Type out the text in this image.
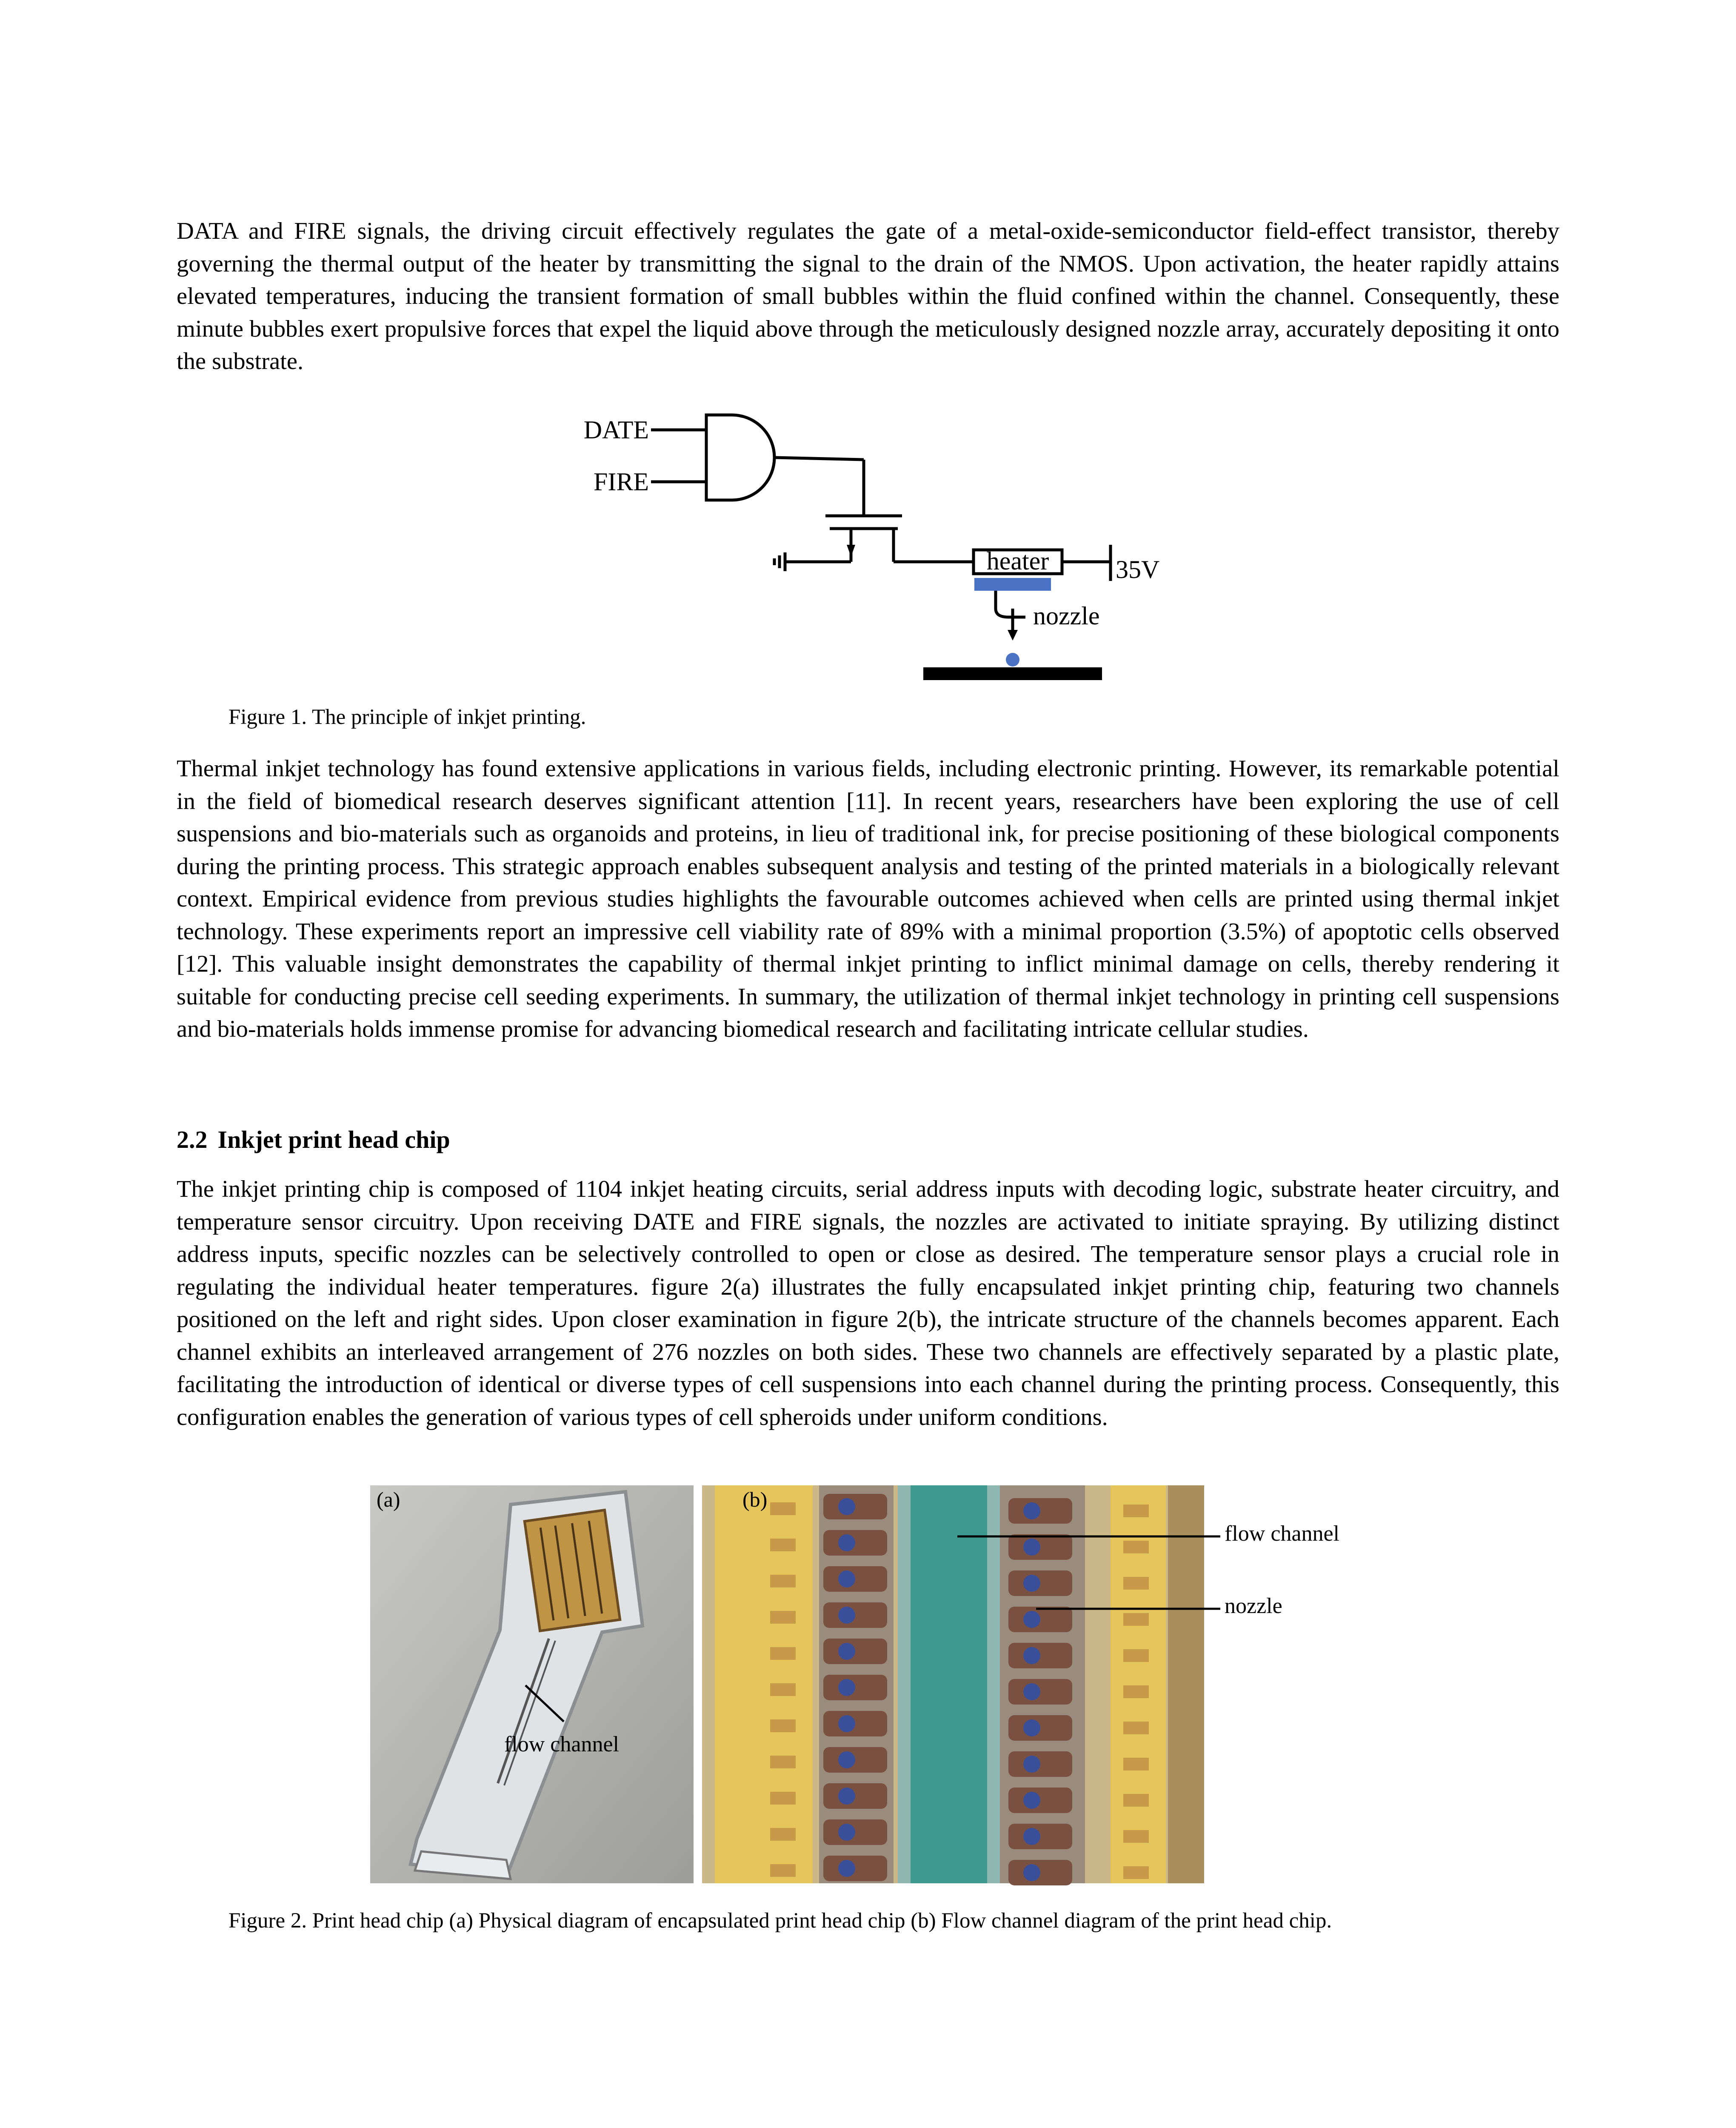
DATA and FIRE signals, the driving circuit effectively regulates the gate of a metal-oxide-semiconductor field-effect transistor, thereby governing the thermal output of the heater by transmitting the signal to the drain of the NMOS. Upon activation, the heater rapidly attains elevated temperatures, inducing the transient formation of small bubbles within the fluid confined within the channel. Consequently, these minute bubbles exert propulsive forces that expel the liquid above through the meticulously designed nozzle array, accurately depositing it onto the substrate.

DATE
FIRE
heater	35V
nozzle

Figure 1. The principle of inkjet printing.

Thermal inkjet technology has found extensive applications in various fields, including electronic printing. However, its remarkable potential in the field of biomedical research deserves significant attention [11]. In recent years, researchers have been exploring the use of cell suspensions and bio-materials such as organoids and proteins, in lieu of traditional ink, for precise positioning of these biological components during the printing process. This strategic approach enables subsequent analysis and testing of the printed materials in a biologically relevant context. Empirical evidence from previous studies highlights the favourable outcomes achieved when cells are printed using thermal inkjet technology. These experiments report an impressive cell viability rate of 89% with a minimal proportion (3.5%) of apoptotic cells observed [12]. This valuable insight demonstrates the capability of thermal inkjet printing to inflict minimal damage on cells, thereby rendering it suitable for conducting precise cell seeding experiments. In summary, the utilization of thermal inkjet technology in printing cell suspensions and bio-materials holds immense promise for advancing biomedical research and facilitating intricate cellular studies.

2.2 Inkjet print head chip

The inkjet printing chip is composed of 1104 inkjet heating circuits, serial address inputs with decoding logic, substrate heater circuitry, and temperature sensor circuitry. Upon receiving DATE and FIRE signals, the nozzles are activated to initiate spraying. By utilizing distinct address inputs, specific nozzles can be selectively controlled to open or close as desired. The temperature sensor plays a crucial role in regulating the individual heater temperatures. figure 2(a) illustrates the fully encapsulated inkjet printing chip, featuring two channels positioned on the left and right sides. Upon closer examination in figure 2(b), the intricate structure of the channels becomes apparent. Each channel exhibits an interleaved arrangement of 276 nozzles on both sides. These two channels are effectively separated by a plastic plate, facilitating the introduction of identical or diverse types of cell suspensions into each channel during the printing process. Consequently, this configuration enables the generation of various types of cell spheroids under uniform conditions.

(a)
flow channel
(b)
flow channel
nozzle

Figure 2. Print head chip (a) Physical diagram of encapsulated print head chip (b) Flow channel diagram of the print head chip.
